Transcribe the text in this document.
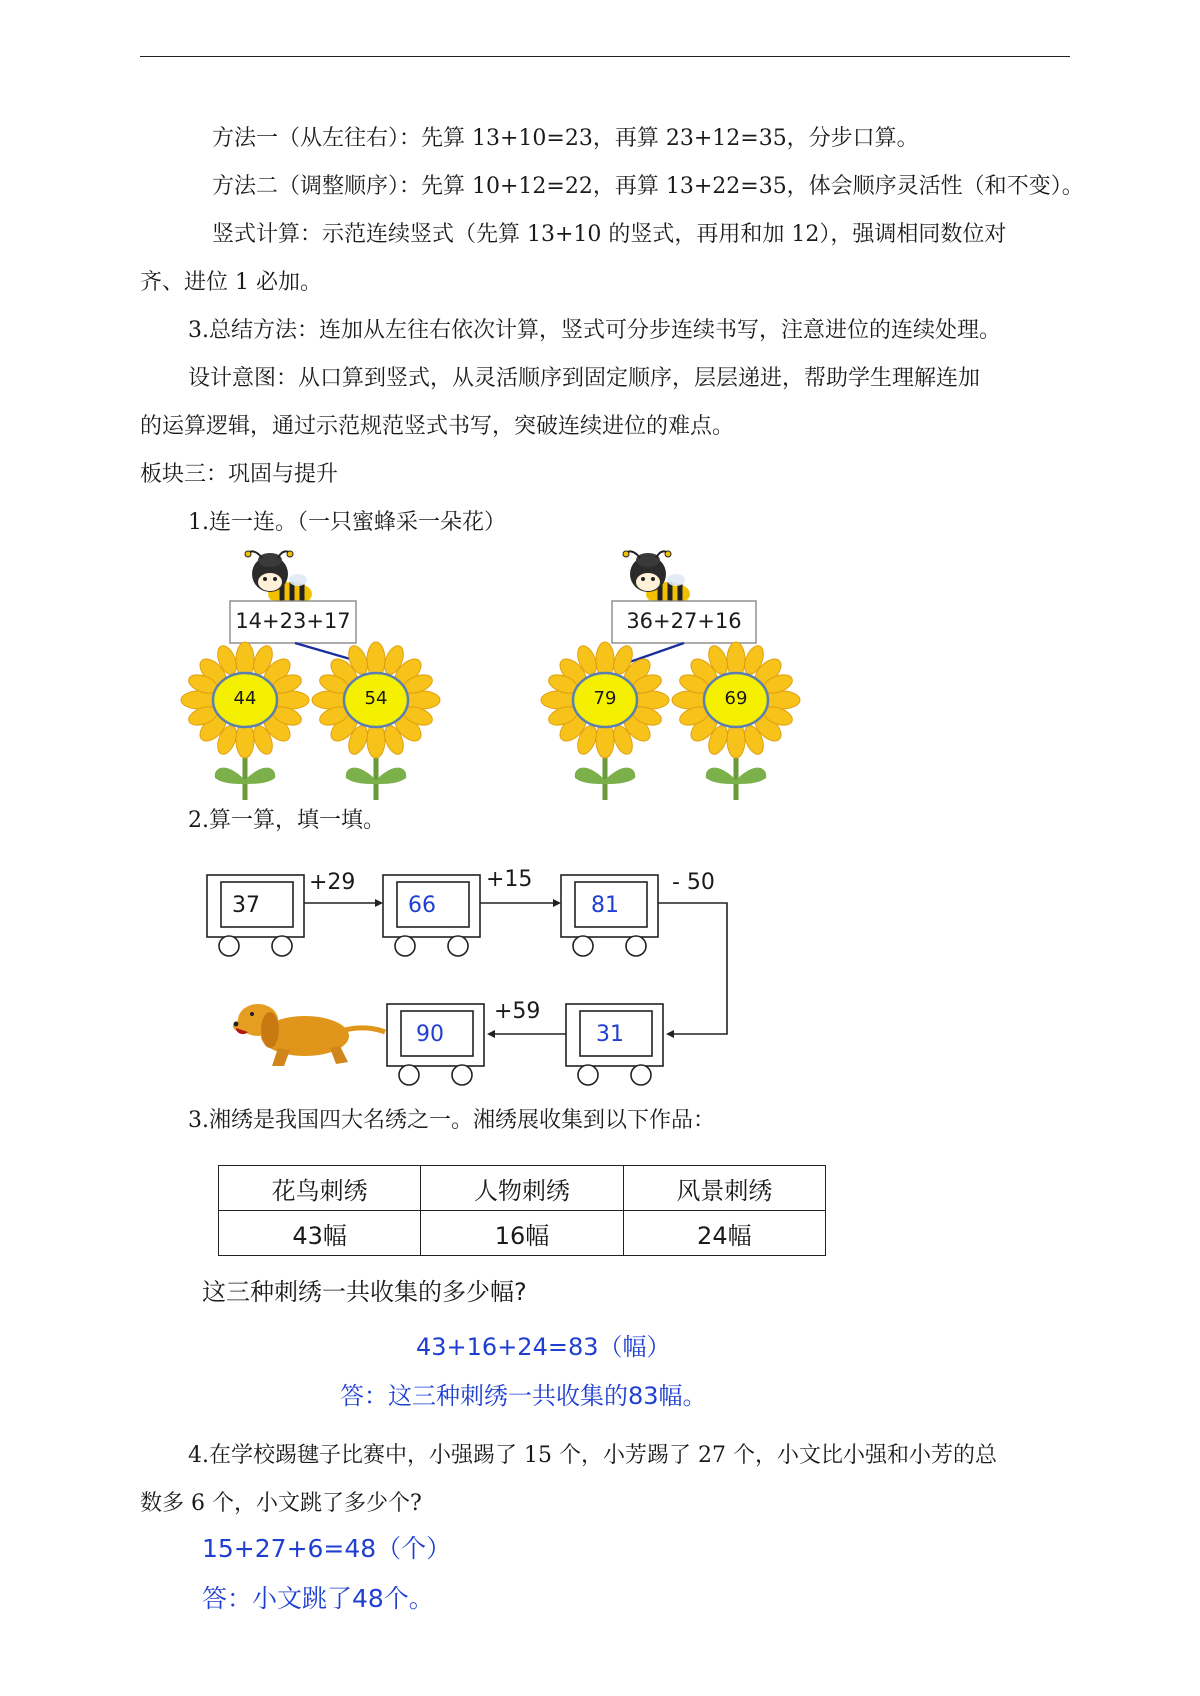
方法一（从左往右）：先算 13+10=23，再算 23+12=35，分步口算。
方法二（调整顺序）：先算 10+12=22，再算 13+22=35，体会顺序灵活性（和不变）。
竖式计算：示范连续竖式（先算 13+10 的竖式，再用和加 12），强调相同数位对
齐、进位 1 必加。
3.总结方法：连加从左往右依次计算，竖式可分步连续书写，注意进位的连续处理。
设计意图：从口算到竖式，从灵活顺序到固定顺序，层层递进，帮助学生理解连加
的运算逻辑，通过示范规范竖式书写，突破连续进位的难点。
板块三：巩固与提升
1.连一连。（一只蜜蜂采一朵花）
14+23+17	36+27+16
44	54	79	69
2.算一算，填一填。
37	66	81
31
90
+29	+15	- 50
+59
3.湘绣是我国四大名绣之一。湘绣展收集到以下作品：
花鸟刺绣	人物刺绣	风景刺绣
43幅	16幅	24幅
这三种刺绣一共收集的多少幅?
43+16+24=83（幅）
答：这三种刺绣一共收集的83幅。
4.在学校踢毽子比赛中，小强踢了 15 个，小芳踢了 27 个，小文比小强和小芳的总
数多 6 个，小文跳了多少个?
15+27+6=48（个）
答：小文跳了48个。
